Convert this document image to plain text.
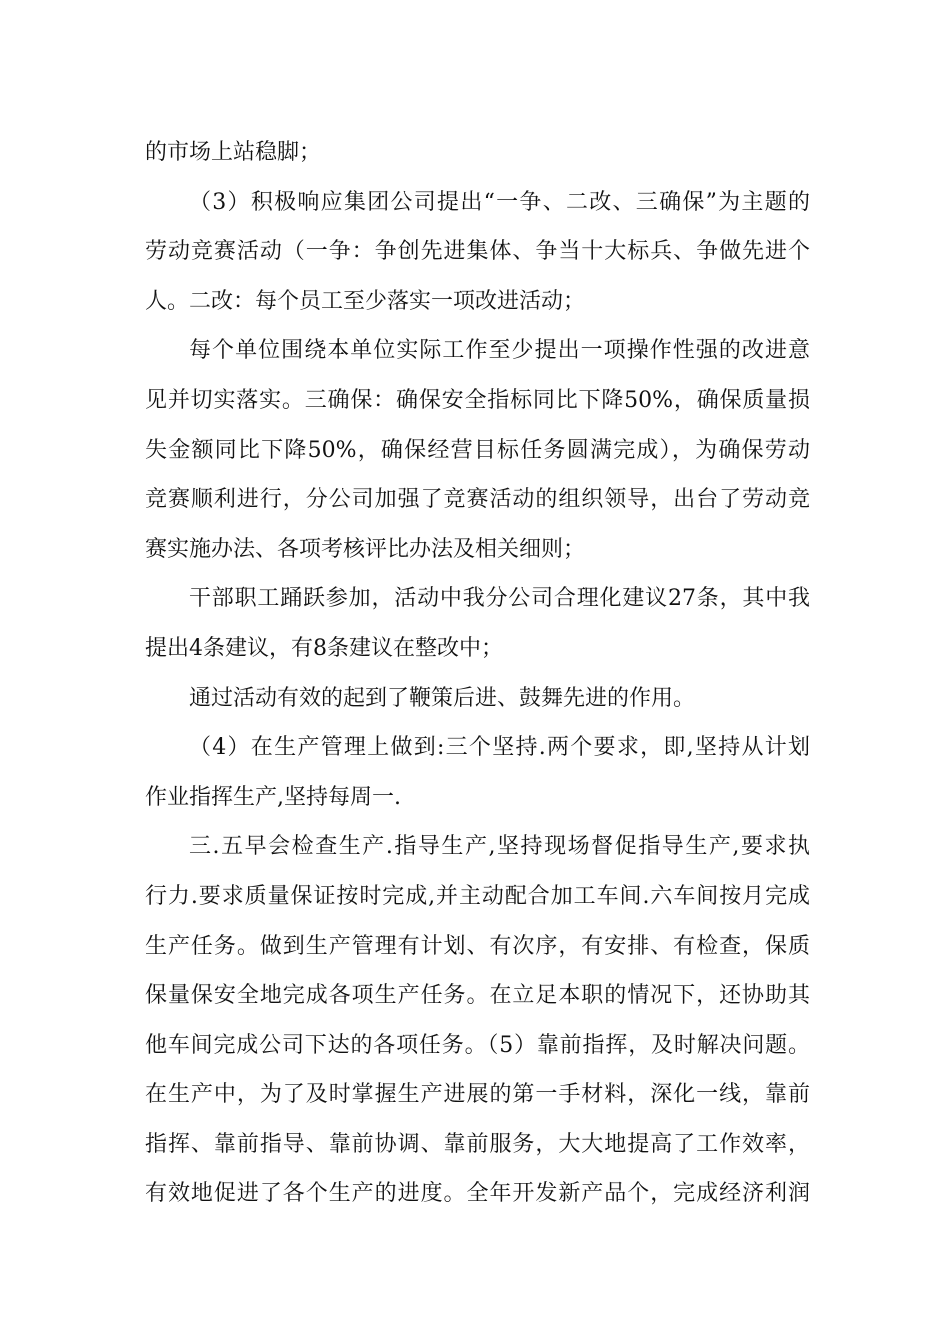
的市场上站稳脚；
（3）积极响应集团公司提出“一争、二改、三确保”为主题的
劳动竞赛活动（一争：争创先进集体、争当十大标兵、争做先进个
人。二改：每个员工至少落实一项改进活动；
每个单位围绕本单位实际工作至少提出一项操作性强的改进意
见并切实落实。三确保：确保安全指标同比下降50%，确保质量损
失金额同比下降50%，确保经营目标任务圆满完成），为确保劳动
竞赛顺利进行，分公司加强了竞赛活动的组织领导，出台了劳动竞
赛实施办法、各项考核评比办法及相关细则；
干部职工踊跃参加，活动中我分公司合理化建议27条，其中我
提出4条建议，有8条建议在整改中；
通过活动有效的起到了鞭策后进、鼓舞先进的作用。
（4）在生产管理上做到:三个坚持.两个要求，即,坚持从计划
作业指挥生产,坚持每周一.
三.五早会检查生产.指导生产,坚持现场督促指导生产,要求执
行力.要求质量保证按时完成,并主动配合加工车间.六车间按月完成
生产任务。做到生产管理有计划、有次序，有安排、有检查，保质
保量保安全地完成各项生产任务。在立足本职的情况下，还协助其
他车间完成公司下达的各项任务。（5）靠前指挥，及时解决问题。
在生产中，为了及时掌握生产进展的第一手材料，深化一线，靠前
指挥、靠前指导、靠前协调、靠前服务，大大地提高了工作效率，
有效地促进了各个生产的进度。全年开发新产品个，完成经济利润
